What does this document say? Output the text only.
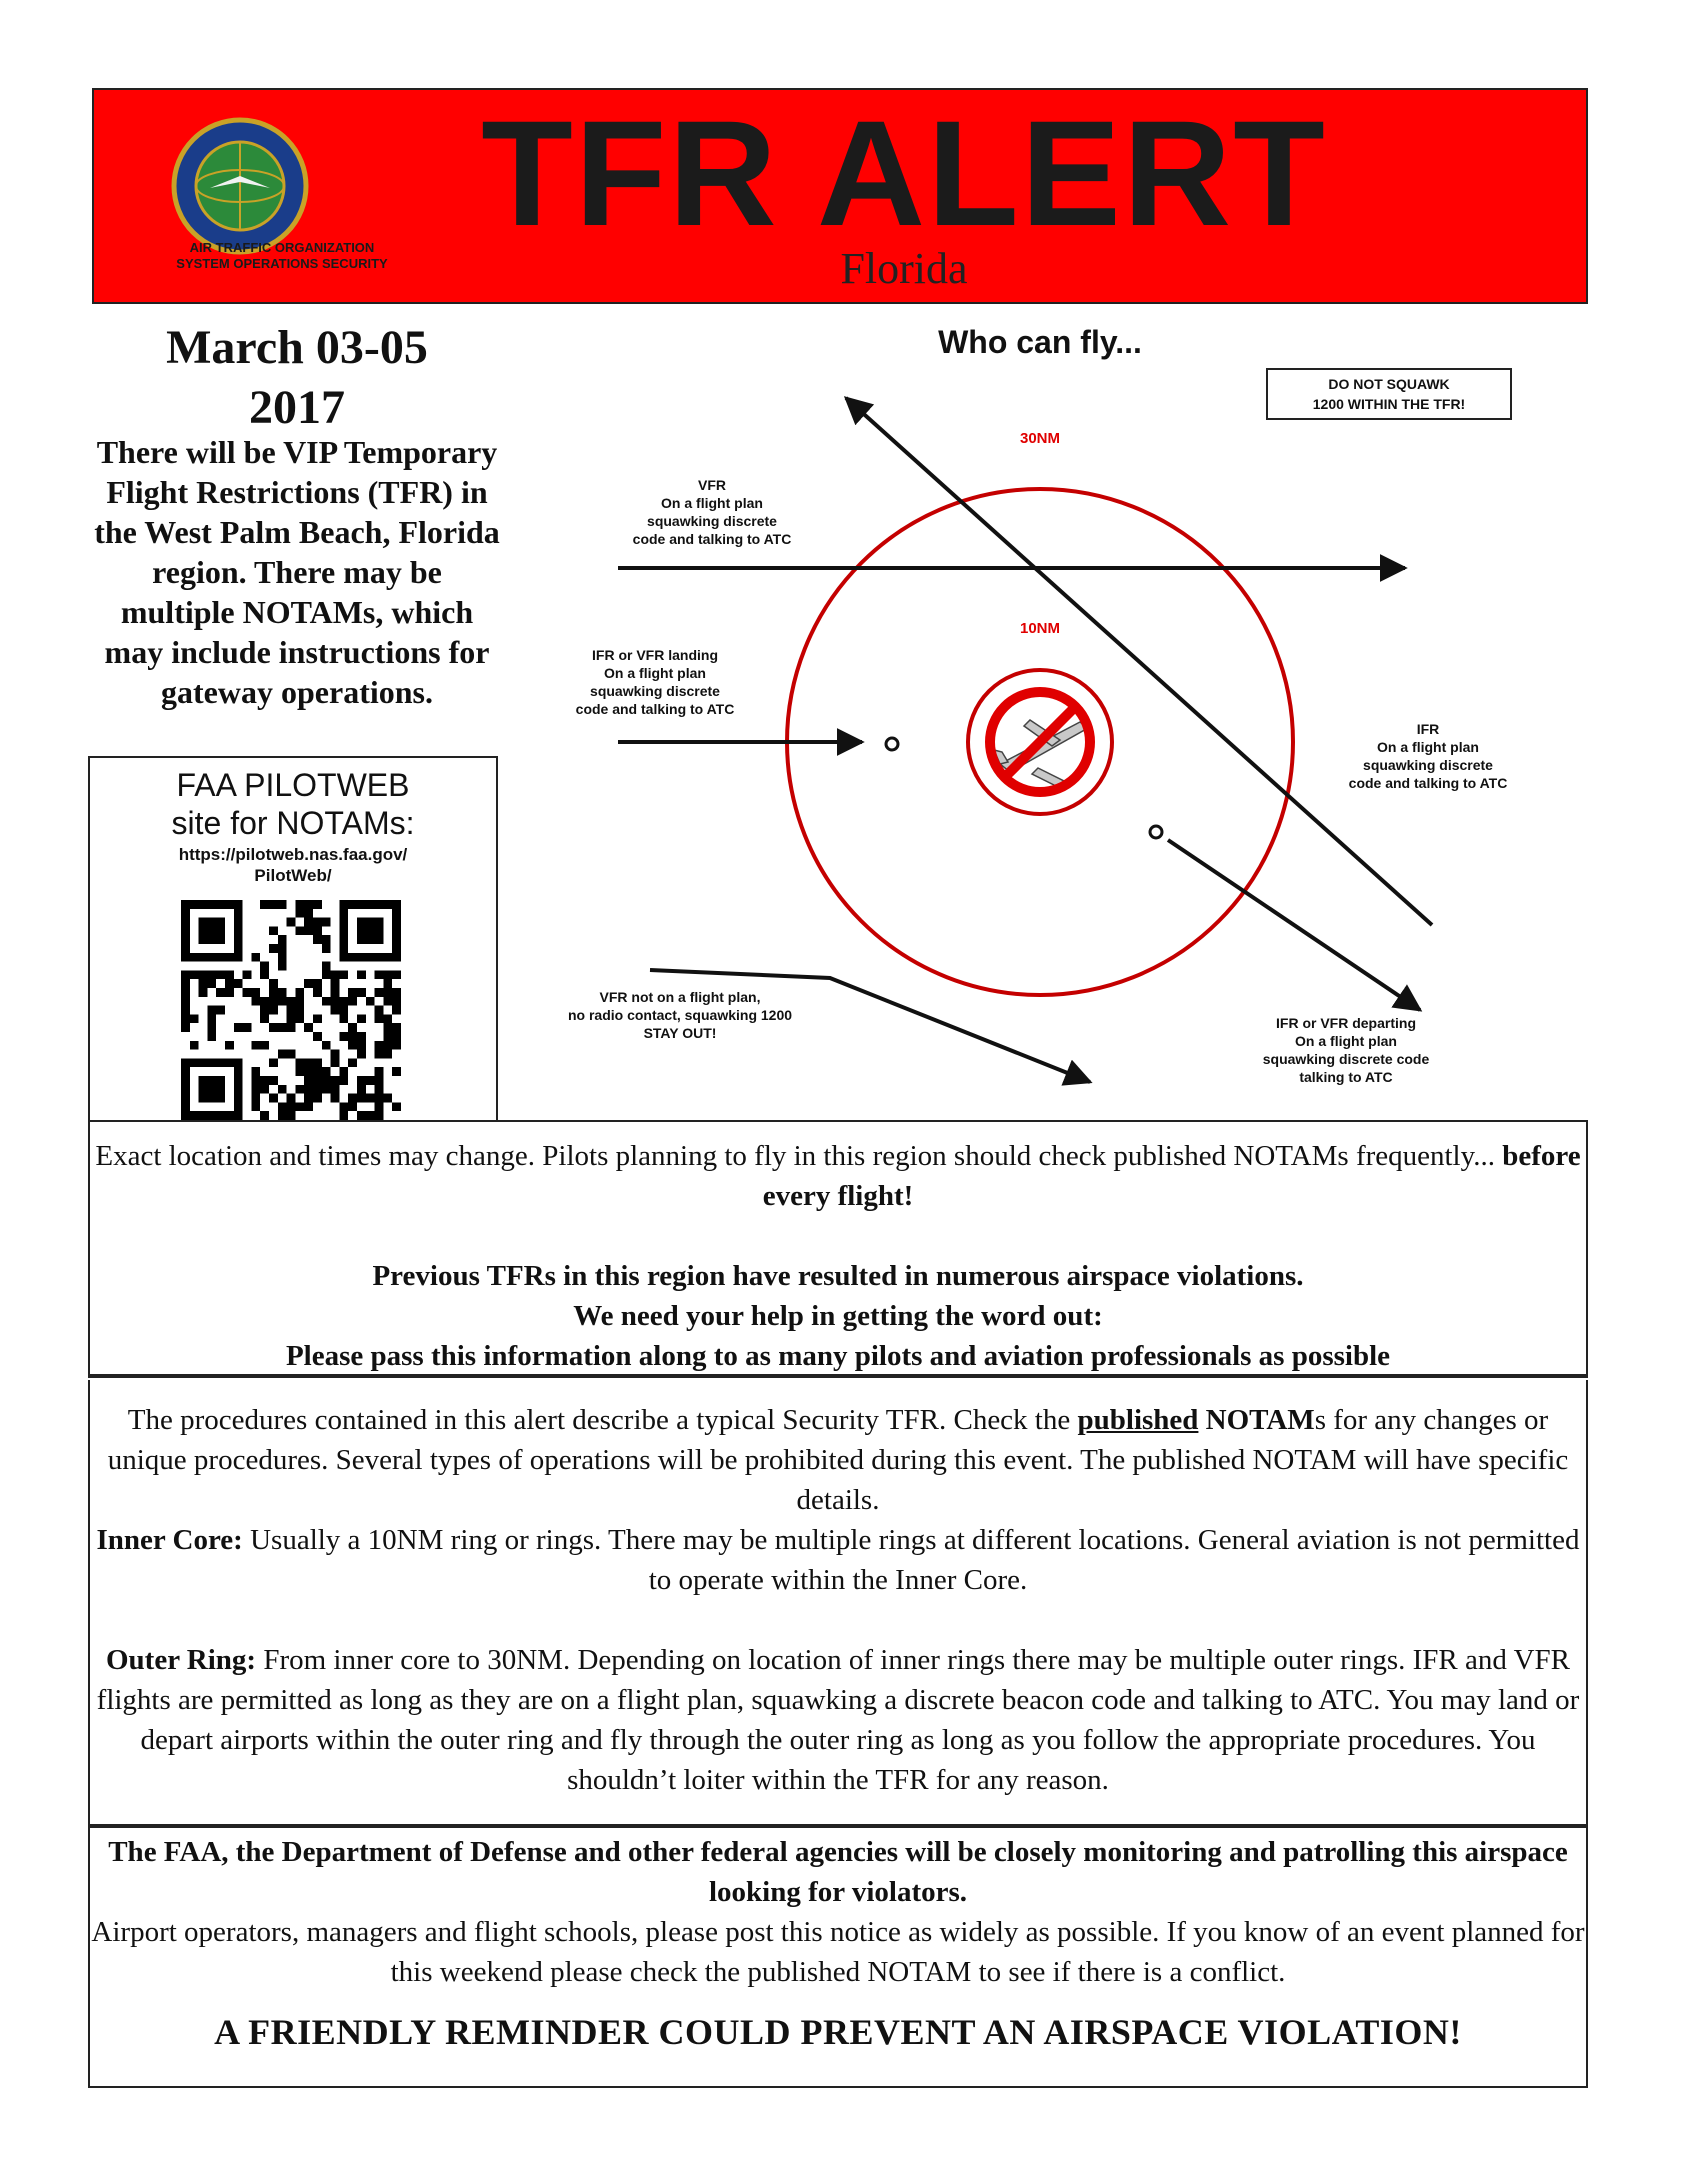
AIR TRAFFIC ORGANIZATION
SYSTEM OPERATIONS SECURITY
TFR ALERT
Florida
March 03-05
2017
There will be VIP Temporary Flight Restrictions (TFR) in the West Palm Beach, Florida region. There may be multiple NOTAMs, which may include instructions for gateway operations.
FAA PILOTWEB
site for NOTAMs:
https://pilotweb.nas.faa.gov/
PilotWeb/
Who can fly...
DO NOT SQUAWK
1200 WITHIN THE TFR!
30NM
10NM
VFR
On a flight plan
squawking discrete
code and talking to ATC
IFR or VFR landing
On a flight plan
squawking discrete
code and talking to ATC
IFR
On a flight plan
squawking discrete
code and talking to ATC
VFR not on a flight plan,
no radio contact, squawking 1200
STAY OUT!
IFR or VFR departing
On a flight plan
squawking discrete code
talking to ATC

Exact location and times may change. Pilots planning to fly in this region should check published NOTAMs frequently... before every flight!

Previous TFRs in this region have resulted in numerous airspace violations.

We need your help in getting the word out:

Please pass this information along to as many pilots and aviation professionals as possible

The procedures contained in this alert describe a typical Security TFR. Check the published NOTAMs for any changes or unique procedures. Several types of operations will be prohibited during this event. The published NOTAM will have specific details.

Inner Core: Usually a 10NM ring or rings. There may be multiple rings at different locations. General aviation is not permitted to operate within the Inner Core.

Outer Ring: From inner core to 30NM. Depending on location of inner rings there may be multiple outer rings. IFR and VFR flights are permitted as long as they are on a flight plan, squawking a discrete beacon code and talking to ATC. You may land or depart airports within the outer ring and fly through the outer ring as long as you follow the appropriate procedures. You shouldn’t loiter within the TFR for any reason.

The FAA, the Department of Defense and other federal agencies will be closely monitoring and patrolling this airspace looking for violators.

Airport operators, managers and flight schools, please post this notice as widely as possible. If you know of an event planned for this weekend please check the published NOTAM to see if there is a conflict.

A FRIENDLY REMINDER COULD PREVENT AN AIRSPACE VIOLATION!
